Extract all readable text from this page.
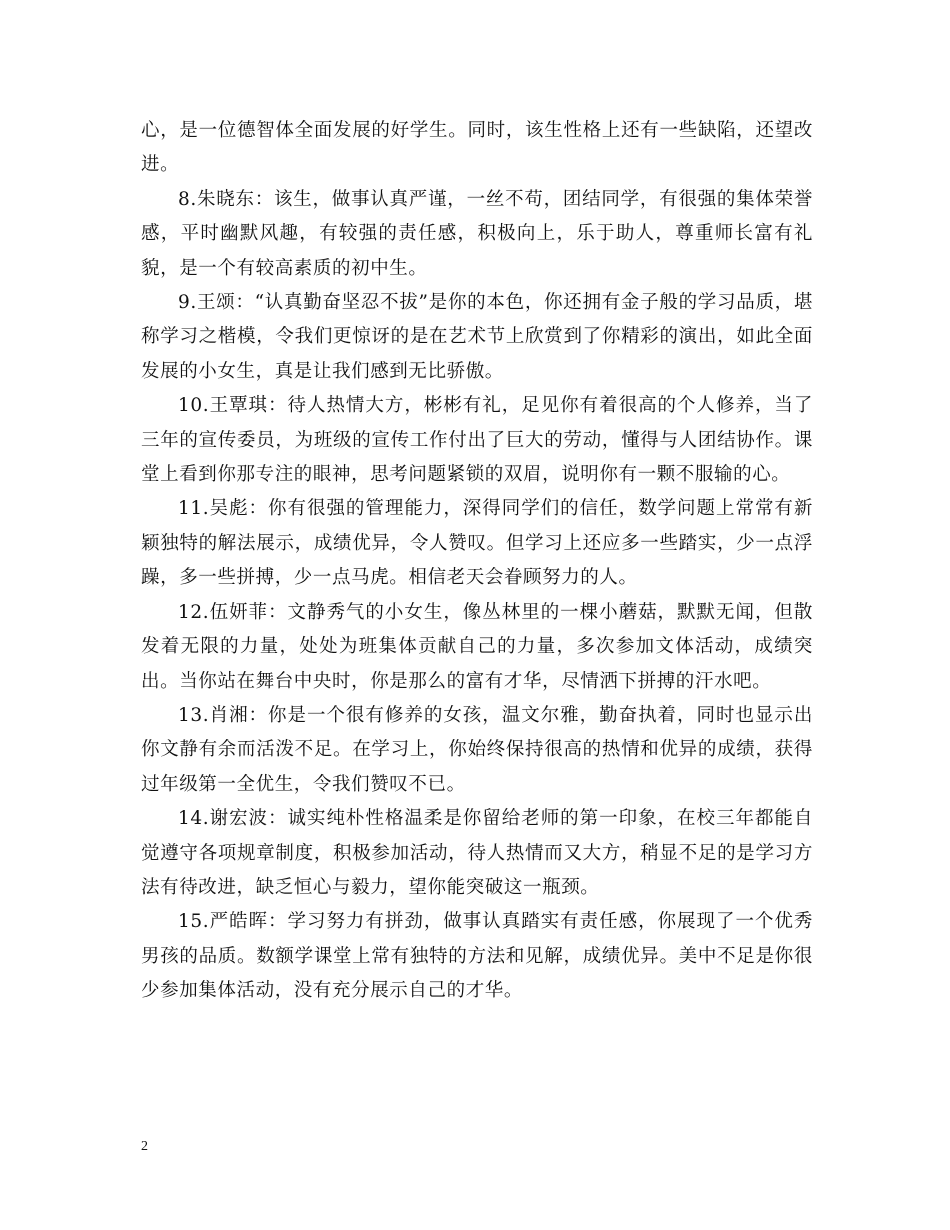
心，是一位德智体全面发展的好学生。同时，该生性格上还有一些缺陷，还望改进。

8.朱晓东：该生，做事认真严谨，一丝不苟，团结同学，有很强的集体荣誉感，平时幽默风趣，有较强的责任感，积极向上，乐于助人，尊重师长富有礼貌，是一个有较高素质的初中生。

9.王颂：“认真勤奋坚忍不拔”是你的本色，你还拥有金子般的学习品质，堪称学习之楷模，令我们更惊讶的是在艺术节上欣赏到了你精彩的演出，如此全面发展的小女生，真是让我们感到无比骄傲。

10.王覃琪：待人热情大方，彬彬有礼，足见你有着很高的个人修养，当了三年的宣传委员，为班级的宣传工作付出了巨大的劳动，懂得与人团结协作。课堂上看到你那专注的眼神，思考问题紧锁的双眉，说明你有一颗不服输的心。

11.吴彪：你有很强的管理能力，深得同学们的信任，数学问题上常常有新颖独特的解法展示，成绩优异，令人赞叹。但学习上还应多一些踏实，少一点浮躁，多一些拼搏，少一点马虎。相信老天会眷顾努力的人。

12.伍妍菲：文静秀气的小女生，像丛林里的一棵小蘑菇，默默无闻，但散发着无限的力量，处处为班集体贡献自己的力量，多次参加文体活动，成绩突出。当你站在舞台中央时，你是那么的富有才华，尽情洒下拼搏的汗水吧。

13.肖湘：你是一个很有修养的女孩，温文尔雅，勤奋执着，同时也显示出你文静有余而活泼不足。在学习上，你始终保持很高的热情和优异的成绩，获得过年级第一全优生，令我们赞叹不已。

14.谢宏波：诚实纯朴性格温柔是你留给老师的第一印象，在校三年都能自觉遵守各项规章制度，积极参加活动，待人热情而又大方，稍显不足的是学习方法有待改进，缺乏恒心与毅力，望你能突破这一瓶颈。

15.严皓晖：学习努力有拼劲，做事认真踏实有责任感，你展现了一个优秀男孩的品质。数额学课堂上常有独特的方法和见解，成绩优异。美中不足是你很少参加集体活动，没有充分展示自己的才华。

2
